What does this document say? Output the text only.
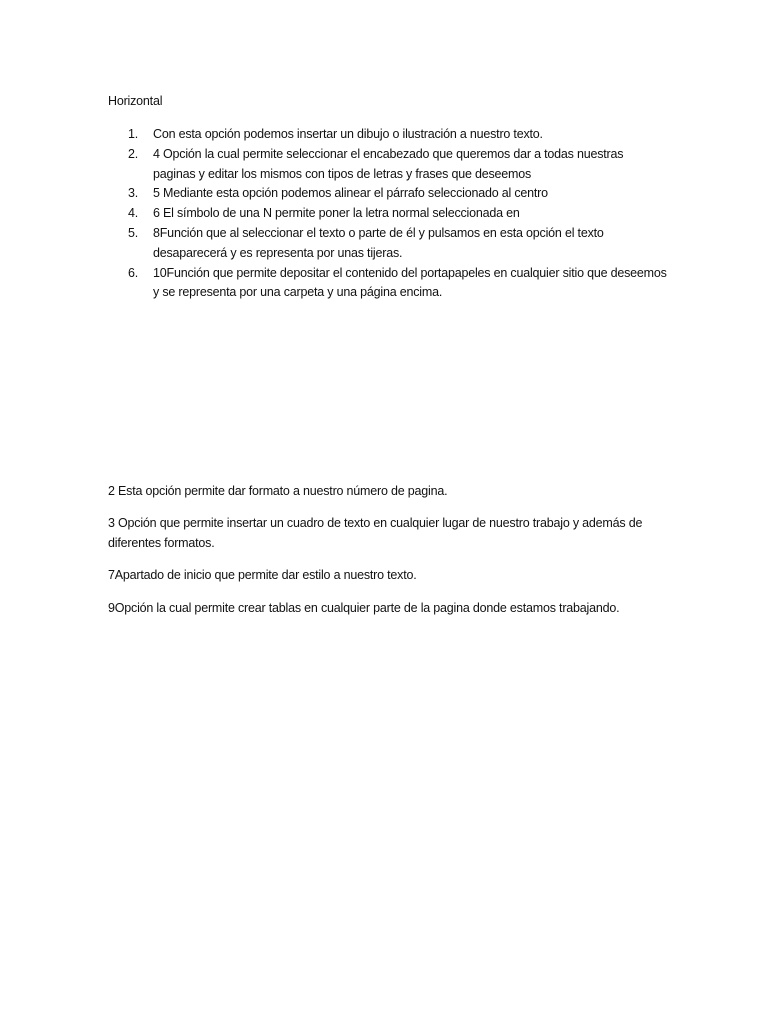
Horizontal
1. Con esta opción podemos insertar un dibujo o ilustración a nuestro texto.
2. 4 Opción la cual permite seleccionar el encabezado que queremos dar a todas nuestras paginas y editar los mismos con tipos de letras y frases que deseemos
3. 5 Mediante esta opción podemos alinear el párrafo seleccionado al centro
4. 6 El símbolo de una N permite poner la letra normal seleccionada en
5. 8Función que al seleccionar el texto o parte de él y pulsamos en esta opción el texto desaparecerá y es representa por unas tijeras.
6. 10Función que permite depositar el contenido del portapapeles en cualquier sitio que deseemos y se representa por una carpeta y una página encima.

2 Esta opción permite dar formato a nuestro número de pagina.

3 Opción que permite insertar un cuadro de texto en cualquier lugar de nuestro trabajo y además de diferentes formatos.

7Apartado de inicio que permite dar estilo a nuestro texto.

9Opción la cual permite crear tablas en cualquier parte de la pagina donde estamos trabajando.
